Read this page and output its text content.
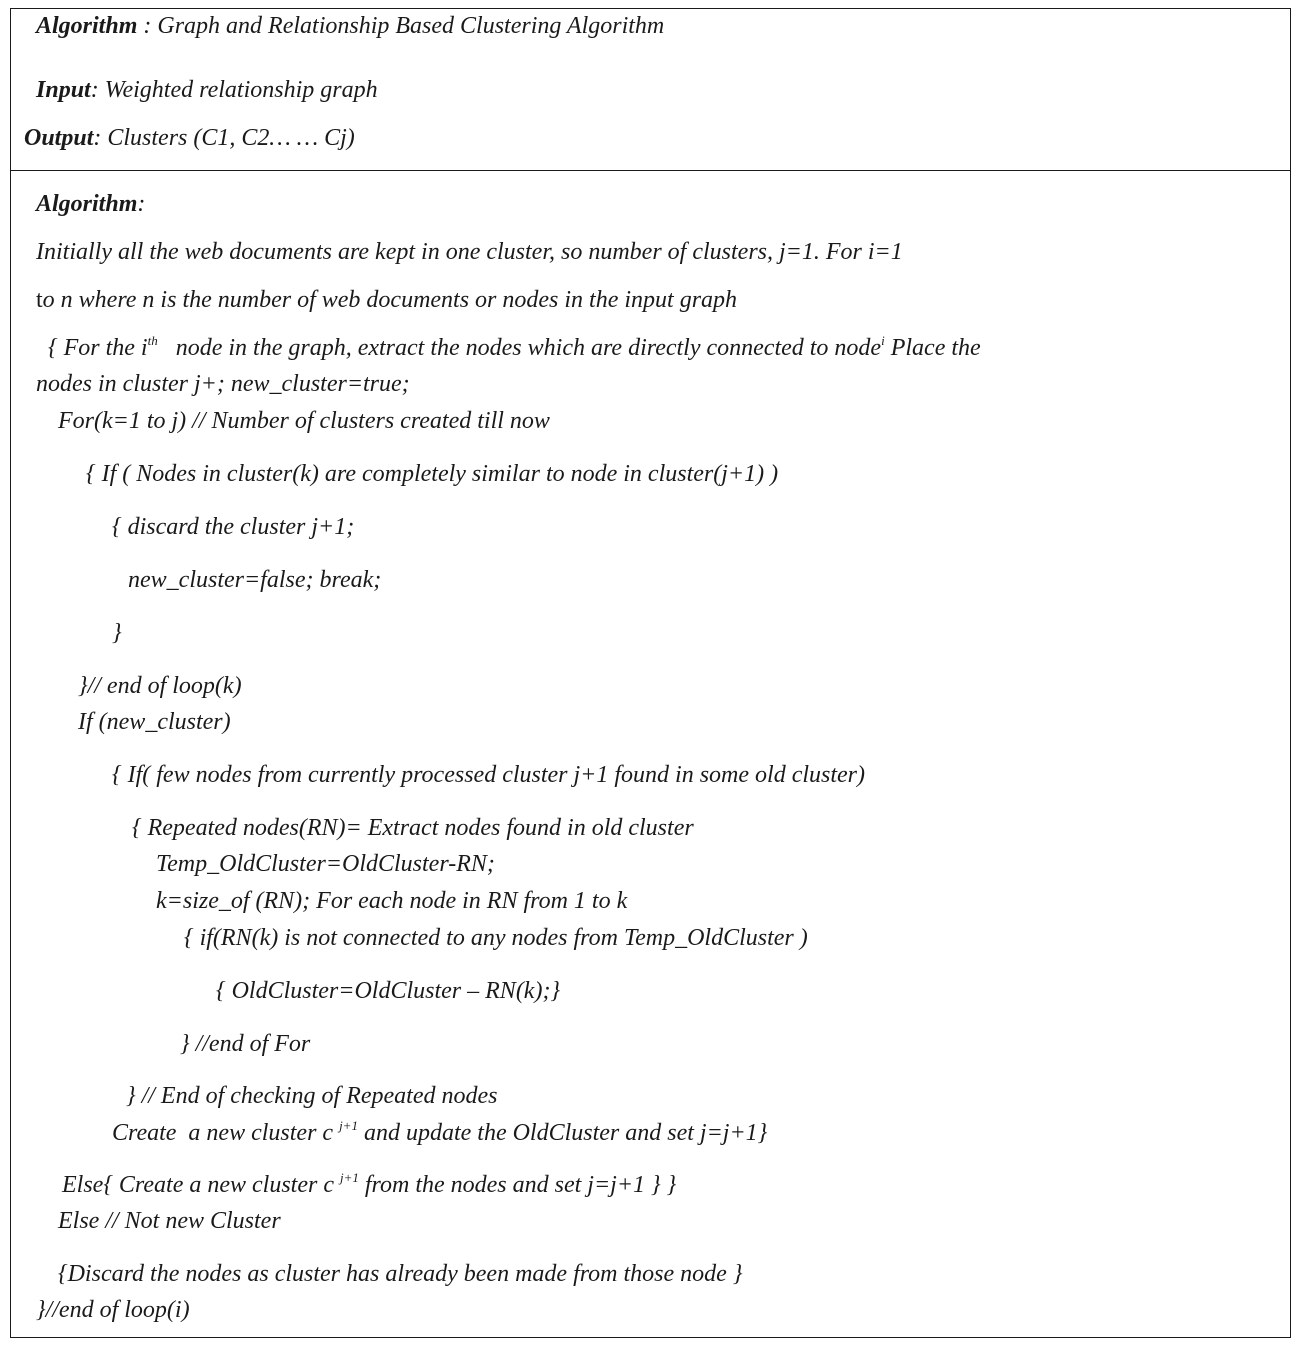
Algorithm : Graph and Relationship Based Clustering Algorithm
Input: Weighted relationship graph
Output: Clusters (C1, C2… … Cj)
Algorithm:
Initially all the web documents are kept in one cluster, so number of clusters, j=1. For i=1
to n where n is the number of web documents or nodes in the input graph
{ For the $i^{th}$   node in the graph, extract the nodes which are directly connected to node$^i$ Place the
nodes in cluster j+; new_cluster=true;
For(k=1 to j) // Number of clusters created till now
{ If ( Nodes in cluster(k) are completely similar to node in cluster(j+1) )
{ discard the cluster j+1;
new_cluster=false; break;
}
}// end of loop(k)
If (new_cluster)
{ If( few nodes from currently processed cluster j+1 found in some old cluster)
{ Repeated nodes(RN)= Extract nodes found in old cluster
Temp_OldCluster=OldCluster-RN;
k=size_of (RN); For each node in RN from 1 to k
{ if(RN(k) is not connected to any nodes from Temp_OldCluster )
{ OldCluster=OldCluster – RN(k);}
} //end of For
} // End of checking of Repeated nodes
Create  a new cluster c $^{j+1}$ and update the OldCluster and set j=j+1}
Else{ Create a new cluster c $^{j+1}$ from the nodes and set j=j+1 } }
Else // Not new Cluster
{Discard the nodes as cluster has already been made from those node }
}//end of loop(i)
